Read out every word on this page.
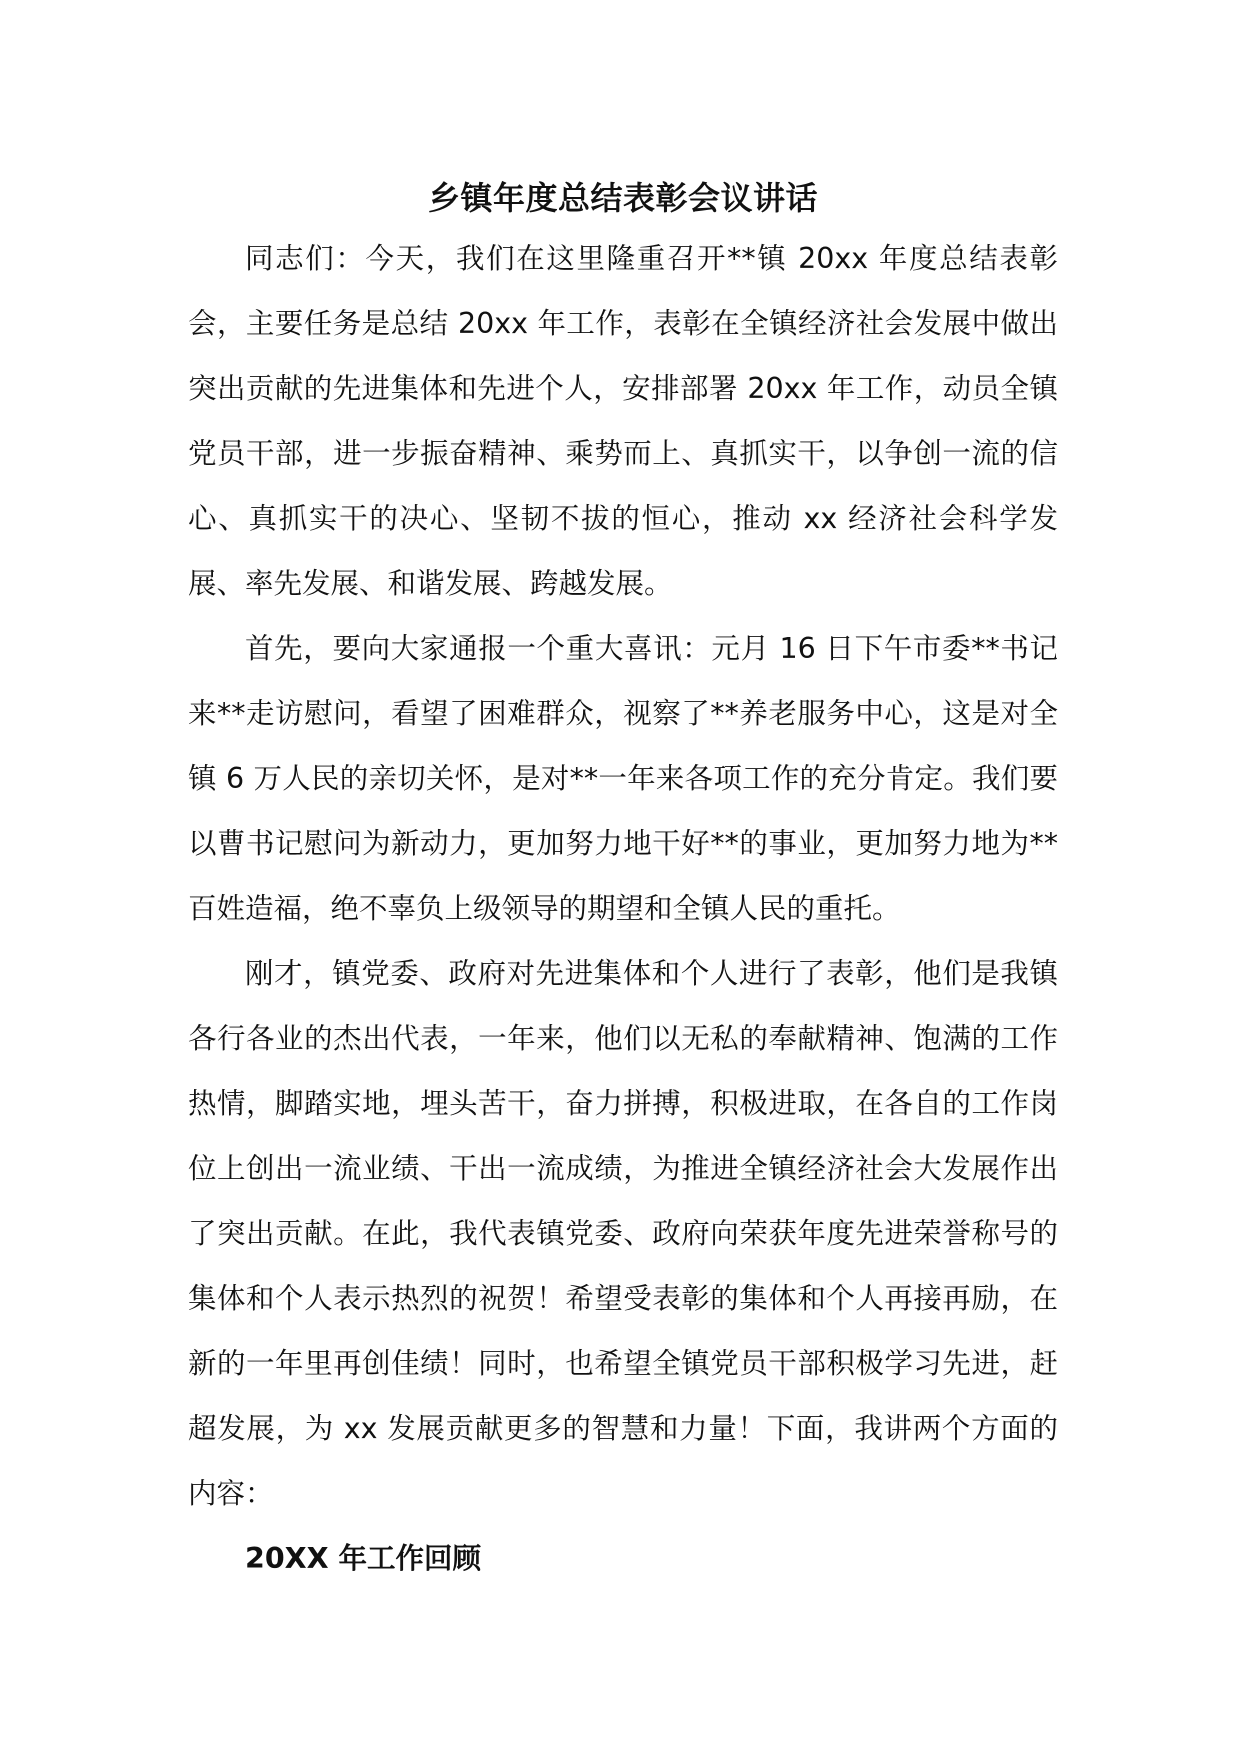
乡镇年度总结表彰会议讲话

同志们：今天，我们在这里隆重召开**镇 20xx 年度总结表彰会，主要任务是总结 20xx 年工作，表彰在全镇经济社会发展中做出突出贡献的先进集体和先进个人，安排部署 20xx 年工作，动员全镇党员干部，进一步振奋精神、乘势而上、真抓实干，以争创一流的信心、真抓实干的决心、坚韧不拔的恒心，推动 xx 经济社会科学发展、率先发展、和谐发展、跨越发展。

首先，要向大家通报一个重大喜讯：元月 16 日下午市委**书记来**走访慰问，看望了困难群众，视察了**养老服务中心，这是对全镇 6 万人民的亲切关怀，是对**一年来各项工作的充分肯定。我们要以曹书记慰问为新动力，更加努力地干好**的事业，更加努力地为**百姓造福，绝不辜负上级领导的期望和全镇人民的重托。

刚才，镇党委、政府对先进集体和个人进行了表彰，他们是我镇各行各业的杰出代表，一年来，他们以无私的奉献精神、饱满的工作热情，脚踏实地，埋头苦干，奋力拼搏，积极进取，在各自的工作岗位上创出一流业绩、干出一流成绩，为推进全镇经济社会大发展作出了突出贡献。在此，我代表镇党委、政府向荣获年度先进荣誉称号的集体和个人表示热烈的祝贺！希望受表彰的集体和个人再接再励，在新的一年里再创佳绩！同时，也希望全镇党员干部积极学习先进，赶超发展，为 xx 发展贡献更多的智慧和力量！下面，我讲两个方面的内容：

20XX 年工作回顾
